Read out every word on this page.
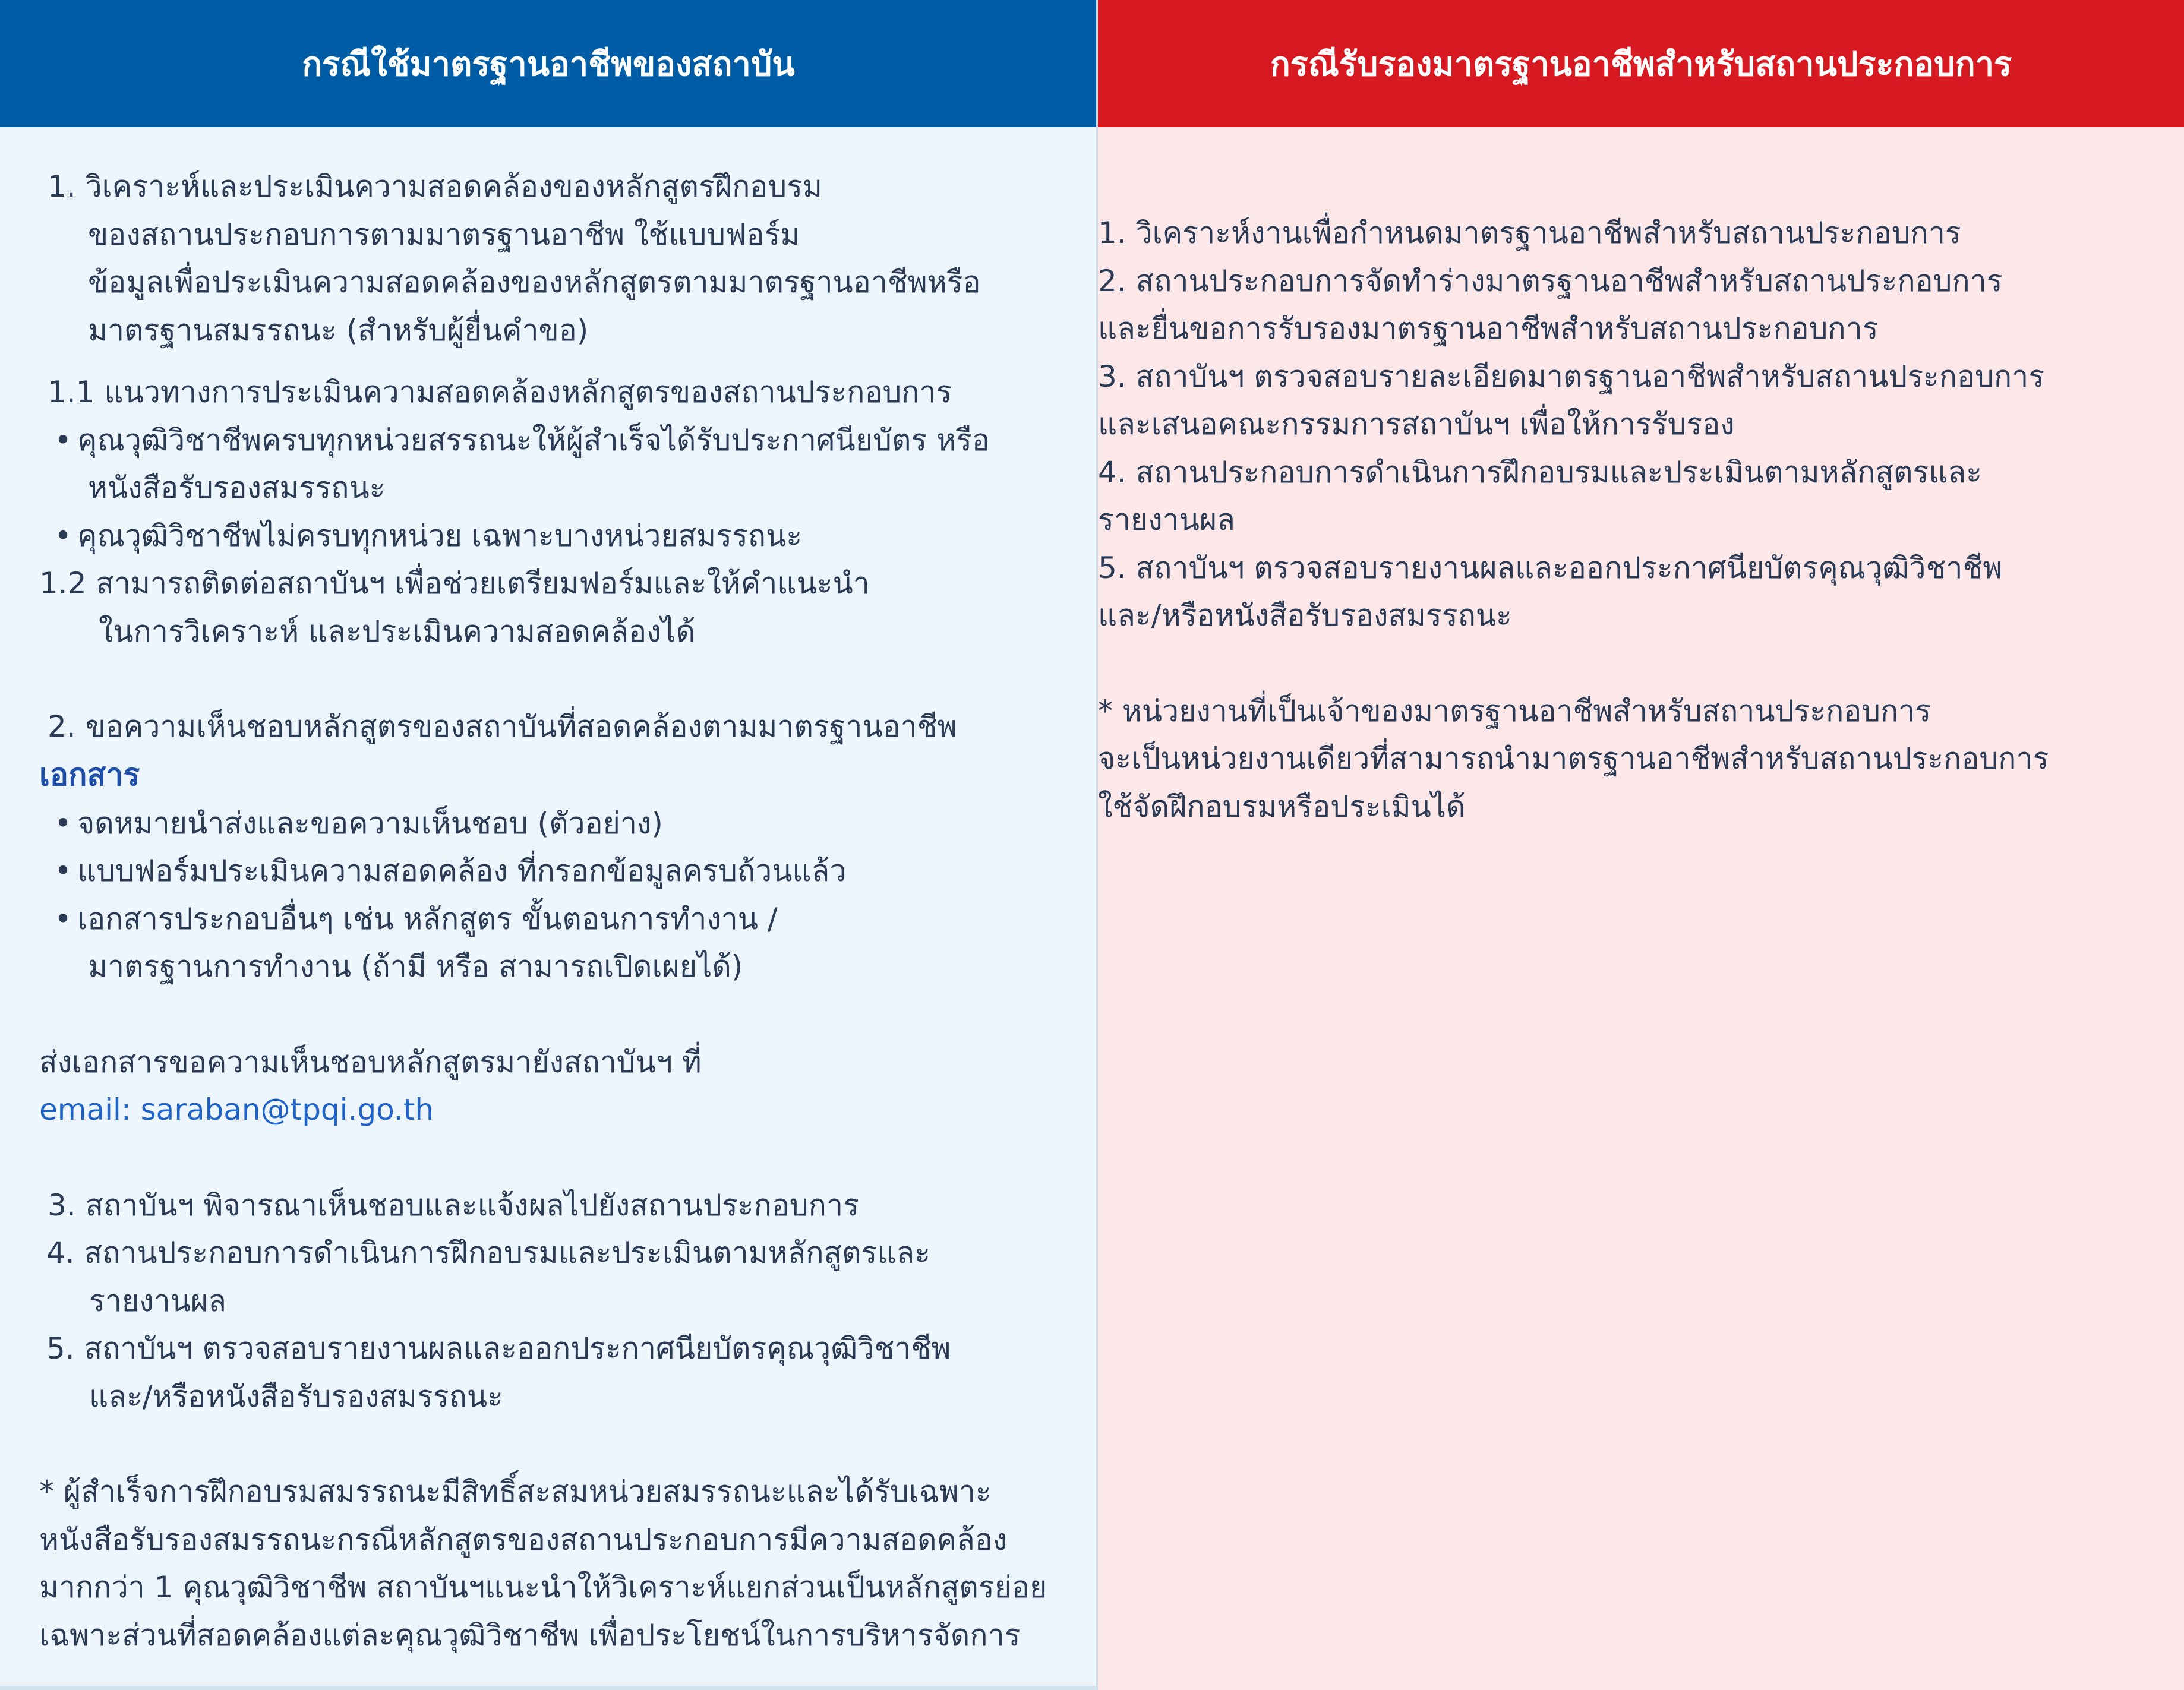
กรณีใช้มาตรฐานอาชีพของสถาบัน
1. วิเคราะห์และประเมินความสอดคล้องของหลักสูตรฝึกอบรม
ของสถานประกอบการตามมาตรฐานอาชีพ ใช้แบบฟอร์ม
ข้อมูลเพื่อประเมินความสอดคล้องของหลักสูตรตามมาตรฐานอาชีพหรือ
มาตรฐานสมรรถนะ (สำหรับผู้ยื่นคำขอ)
1.1 แนวทางการประเมินความสอดคล้องหลักสูตรของสถานประกอบการ
• คุณวุฒิวิชาชีพครบทุกหน่วยสรรถนะให้ผู้สำเร็จได้รับประกาศนียบัตร หรือ
หนังสือรับรองสมรรถนะ
• คุณวุฒิวิชาชีพไม่ครบทุกหน่วย เฉพาะบางหน่วยสมรรถนะ
1.2 สามารถติดต่อสถาบันฯ เพื่อช่วยเตรียมฟอร์มและให้คำแนะนำ
ในการวิเคราะห์ และประเมินความสอดคล้องได้
2. ขอความเห็นชอบหลักสูตรของสถาบันที่สอดคล้องตามมาตรฐานอาชีพ
เอกสาร
• จดหมายนำส่งและขอความเห็นชอบ (ตัวอย่าง)
• แบบฟอร์มประเมินความสอดคล้อง ที่กรอกข้อมูลครบถ้วนแล้ว
• เอกสารประกอบอื่นๆ เช่น หลักสูตร ขั้นตอนการทำงาน /
มาตรฐานการทำงาน (ถ้ามี หรือ สามารถเปิดเผยได้)
ส่งเอกสารขอความเห็นชอบหลักสูตรมายังสถาบันฯ ที่
email: saraban@tpqi.go.th
3. สถาบันฯ พิจารณาเห็นชอบและแจ้งผลไปยังสถานประกอบการ
4. สถานประกอบการดำเนินการฝึกอบรมและประเมินตามหลักสูตรและ
รายงานผล
5. สถาบันฯ ตรวจสอบรายงานผลและออกประกาศนียบัตรคุณวุฒิวิชาชีพ
และ/หรือหนังสือรับรองสมรรถนะ
* ผู้สำเร็จการฝึกอบรมสมรรถนะมีสิทธิ์สะสมหน่วยสมรรถนะและได้รับเฉพาะ
หนังสือรับรองสมรรถนะกรณีหลักสูตรของสถานประกอบการมีความสอดคล้อง
มากกว่า 1 คุณวุฒิวิชาชีพ สถาบันฯแนะนำให้วิเคราะห์แยกส่วนเป็นหลักสูตรย่อย
เฉพาะส่วนที่สอดคล้องแต่ละคุณวุฒิวิชาชีพ เพื่อประโยชน์ในการบริหารจัดการ
กรณีรับรองมาตรฐานอาชีพสำหรับสถานประกอบการ
1. วิเคราะห์งานเพื่อกำหนดมาตรฐานอาชีพสำหรับสถานประกอบการ
2. สถานประกอบการจัดทำร่างมาตรฐานอาชีพสำหรับสถานประกอบการ
และยื่นขอการรับรองมาตรฐานอาชีพสำหรับสถานประกอบการ
3. สถาบันฯ ตรวจสอบรายละเอียดมาตรฐานอาชีพสำหรับสถานประกอบการ
และเสนอคณะกรรมการสถาบันฯ เพื่อให้การรับรอง
4. สถานประกอบการดำเนินการฝึกอบรมและประเมินตามหลักสูตรและ
รายงานผล
5. สถาบันฯ ตรวจสอบรายงานผลและออกประกาศนียบัตรคุณวุฒิวิชาชีพ
และ/หรือหนังสือรับรองสมรรถนะ
* หน่วยงานที่เป็นเจ้าของมาตรฐานอาชีพสำหรับสถานประกอบการ
จะเป็นหน่วยงานเดียวที่สามารถนำมาตรฐานอาชีพสำหรับสถานประกอบการ
ใช้จัดฝึกอบรมหรือประเมินได้
